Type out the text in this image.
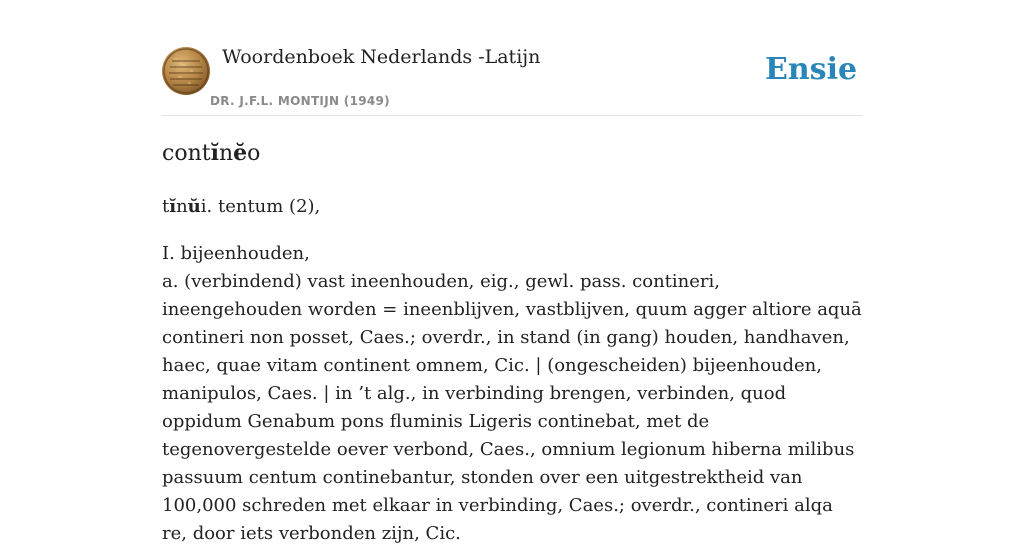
Woordenboek Nederlands -Latijn
DR. J.F.L. MONTIJN (1949)
Ensie
contĭnĕo

tĭnŭi. tentum (2),

I. bijeenhouden,
a. (verbindend) vast ineenhouden, eig., gewl. pass. contineri, ineengehouden worden = ineenblijven, vastblijven, quum agger altiore aquā contineri non posset, Caes.; overdr., in stand (in gang) houden, handhaven, haec, quae vitam continent omnem, Cic. | (ongescheiden) bijeenhouden, manipulos, Caes. | in ’t alg., in verbinding brengen, verbinden, quod oppidum Genabum pons fluminis Ligeris continebat, met de tegenovergestelde oever verbond, Caes., omnium legionum hiberna milibus passuum centum continebantur, stonden over een uitgestrektheid van 100,000 schreden met elkaar in verbinding, Caes.; overdr., contineri alqa re, door iets verbonden zijn, Cic.
